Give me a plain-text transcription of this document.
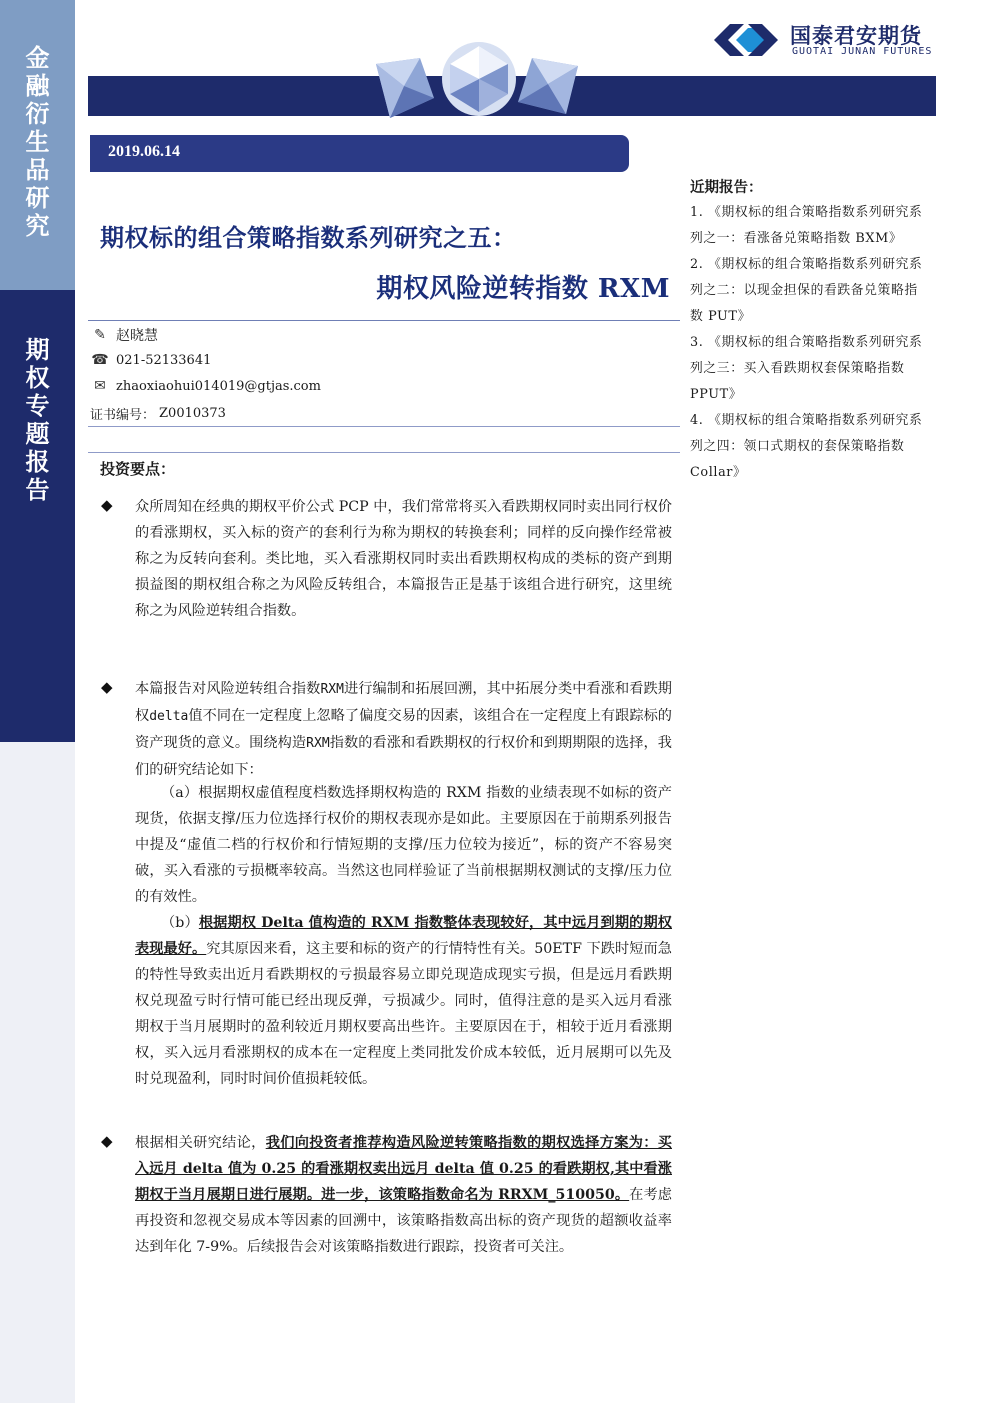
金
融
衍
生
品
研
究
期
权
专
题
报
告
国泰君安期货
GUOTAI JUNAN FUTURES
2019.06.14
期权标的组合策略指数系列研究之五：
期权风险逆转指数 RXM
✎ 赵晓慧
☎ 021-52133641
✉ zhaoxiaohui014019@gtjas.com
证书编号： Z0010373
投资要点：
◆ 众所周知在经典的期权平价公式 PCP 中，我们常常将买入看跌期权同时卖出同行权价的看涨期权，买入标的资产的套利行为称为期权的转换套利；同样的反向操作经常被称之为反转向套利。类比地，买入看涨期权同时卖出看跌期权构成的类标的资产到期损益图的期权组合称之为风险反转组合，本篇报告正是基于该组合进行研究，这里统称之为风险逆转组合指数。
◆ 本篇报告对风险逆转组合指数RXM进行编制和拓展回溯，其中拓展分类中看涨和看跌期权delta值不同在一定程度上忽略了偏度交易的因素，该组合在一定程度上有跟踪标的资产现货的意义。围绕构造RXM指数的看涨和看跌期权的行权价和到期期限的选择，我们的研究结论如下：
（a）根据期权虚值程度档数选择期权构造的 RXM 指数的业绩表现不如标的资产现货，依据支撑/压力位选择行权价的期权表现亦是如此。主要原因在于前期系列报告中提及“虚值二档的行权价和行情短期的支撑/压力位较为接近”，标的资产不容易突破，买入看涨的亏损概率较高。当然这也同样验证了当前根据期权测试的支撑/压力位的有效性。
（b）根据期权 Delta 值构造的 RXM 指数整体表现较好，其中远月到期的期权表现最好。究其原因来看，这主要和标的资产的行情特性有关。50ETF 下跌时短而急的特性导致卖出近月看跌期权的亏损最容易立即兑现造成现实亏损，但是远月看跌期权兑现盈亏时行情可能已经出现反弹，亏损减少。同时，值得注意的是买入远月看涨期权于当月展期时的盈利较近月期权要高出些许。主要原因在于，相较于近月看涨期权，买入远月看涨期权的成本在一定程度上类同批发价成本较低，近月展期可以先及时兑现盈利，同时时间价值损耗较低。
◆ 根据相关研究结论，我们向投资者推荐构造风险逆转策略指数的期权选择方案为：买入远月 delta 值为 0.25 的看涨期权卖出远月 delta 值 0.25 的看跌期权,其中看涨期权于当月展期日进行展期。进一步，该策略指数命名为 RRXM_510050。在考虑再投资和忽视交易成本等因素的回溯中，该策略指数高出标的资产现货的超额收益率达到年化 7-9%。后续报告会对该策略指数进行跟踪，投资者可关注。
近期报告：
1. 《期权标的组合策略指数系列研究系列之一：看涨备兑策略指数 BXM》
2. 《期权标的组合策略指数系列研究系列之二：以现金担保的看跌备兑策略指数 PUT》
3. 《期权标的组合策略指数系列研究系列之三：买入看跌期权套保策略指数 PPUT》
4. 《期权标的组合策略指数系列研究系列之四：领口式期权的套保策略指数 Collar》
